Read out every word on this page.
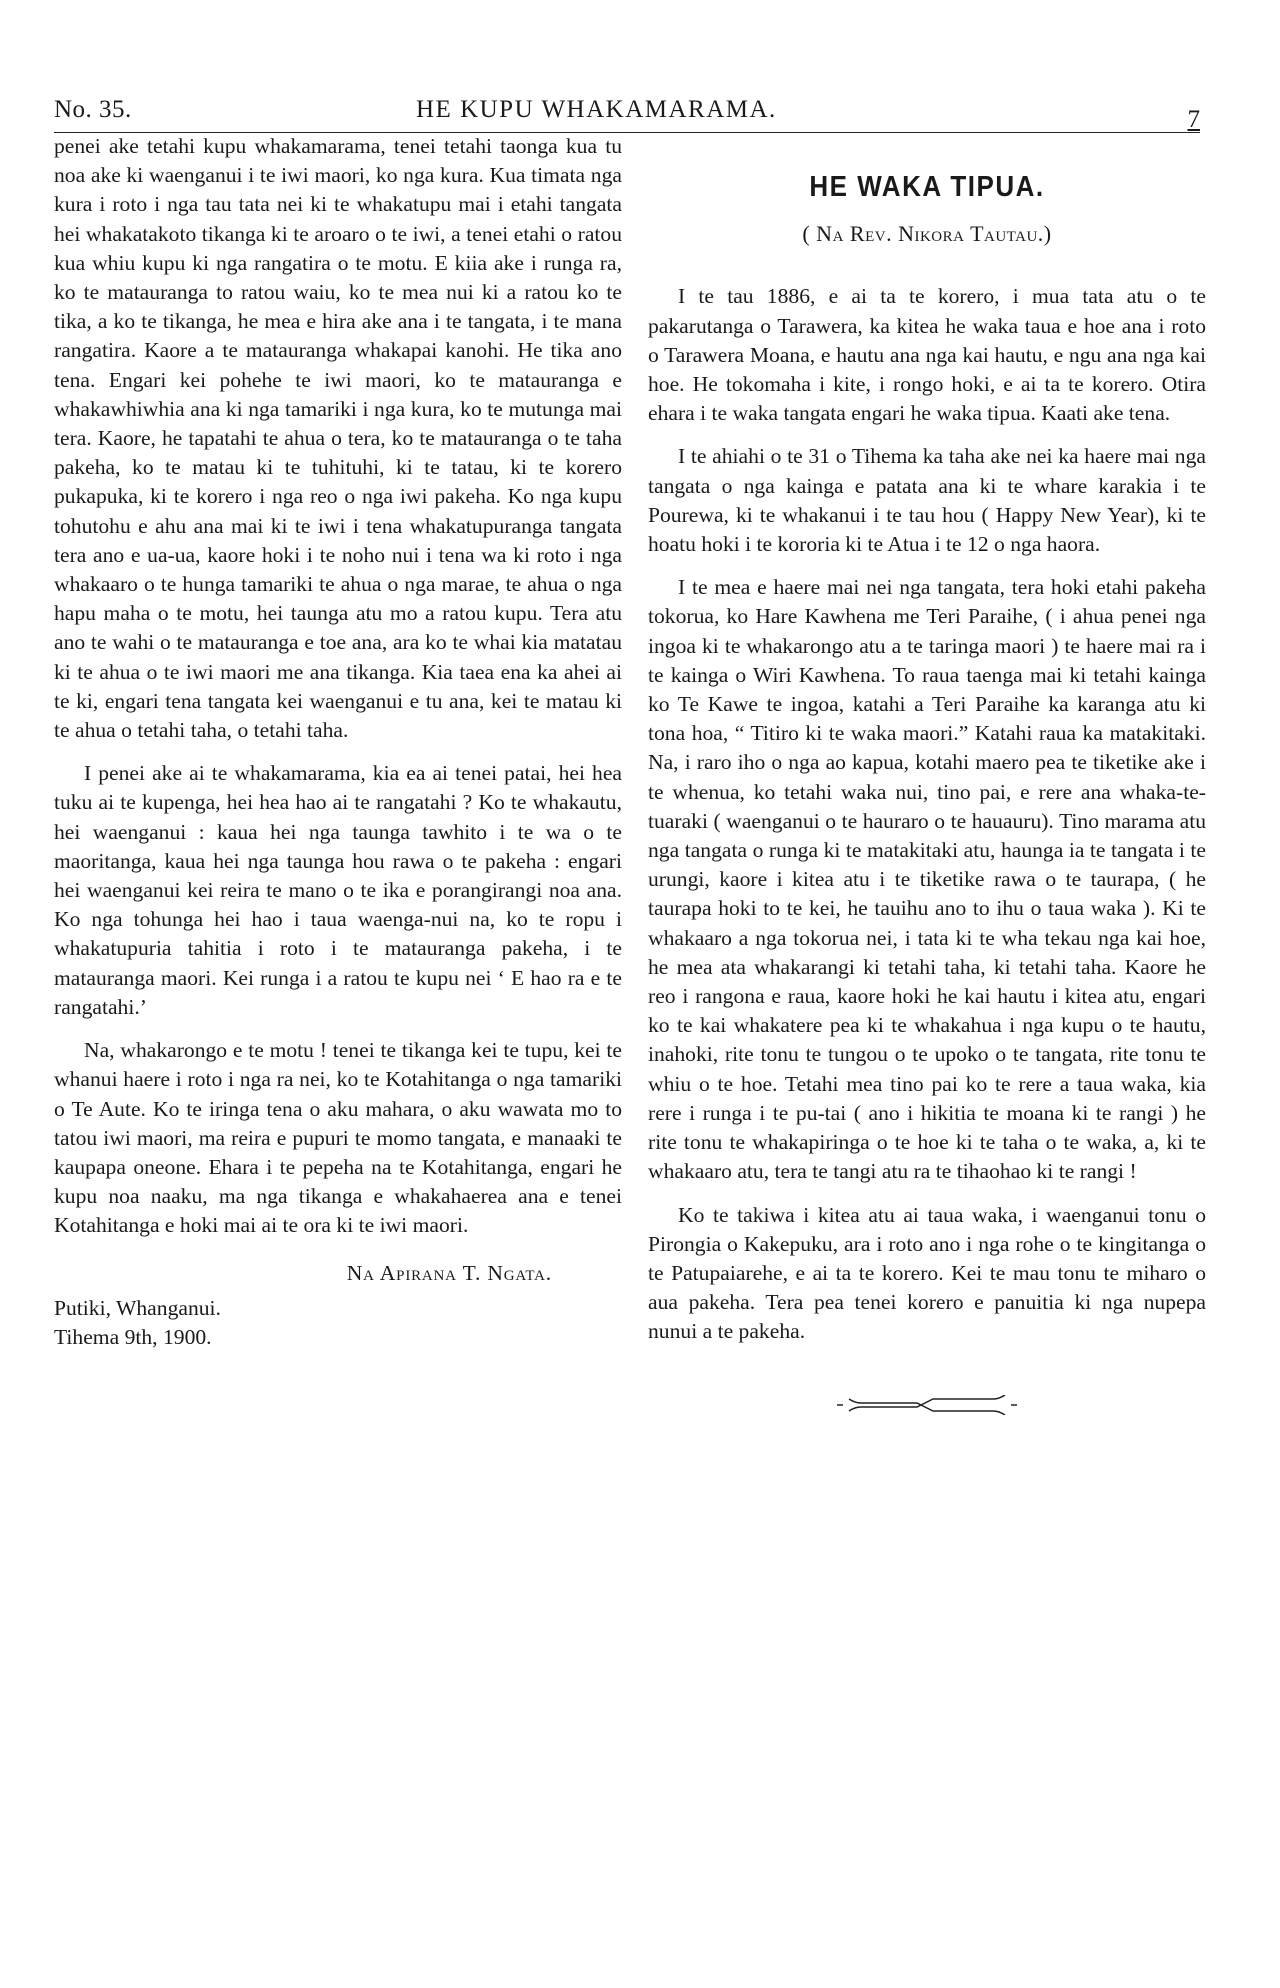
No. 35.	HE KUPU WHAKAMARAMA.	7

penei ake tetahi kupu whakamarama, tenei tetahi taonga kua tu noa ake ki waenganui i te iwi maori, ko nga kura. Kua timata nga kura i roto i nga tau tata nei ki te whakatupu mai i etahi tangata hei whakatakoto tikanga ki te aroaro o te iwi, a tenei etahi o ratou kua whiu kupu ki nga rangatira o te motu. E kiia ake i runga ra, ko te matauranga to ratou waiu, ko te mea nui ki a ratou ko te tika, a ko te tikanga, he mea e hira ake ana i te tangata, i te mana rangatira. Kaore a te matauranga whakapai kanohi. He tika ano tena. Engari kei pohehe te iwi maori, ko te matauranga e whakawhiwhia ana ki nga tamariki i nga kura, ko te mutunga mai tera. Kaore, he tapatahi te ahua o tera, ko te matauranga o te taha pakeha, ko te matau ki te tuhituhi, ki te tatau, ki te korero pukapuka, ki te korero i nga reo o nga iwi pakeha. Ko nga kupu tohutohu e ahu ana mai ki te iwi i tena whakatupuranga tangata tera ano e ua-ua, kaore hoki i te noho nui i tena wa ki roto i nga whakaaro o te hunga tamariki te ahua o nga marae, te ahua o nga hapu maha o te motu, hei taunga atu mo a ratou kupu. Tera atu ano te wahi o te matauranga e toe ana, ara ko te whai kia matatau ki te ahua o te iwi maori me ana tikanga. Kia taea ena ka ahei ai te ki, engari tena tangata kei waenganui e tu ana, kei te matau ki te ahua o tetahi taha, o tetahi taha.

I penei ake ai te whakamarama, kia ea ai tenei patai, hei hea tuku ai te kupenga, hei hea hao ai te rangatahi ? Ko te whakautu, hei waenganui : kaua hei nga taunga tawhito i te wa o te maoritanga, kaua hei nga taunga hou rawa o te pakeha : engari hei waenganui kei reira te mano o te ika e porangirangi noa ana. Ko nga tohunga hei hao i taua waenga-nui na, ko te ropu i whakatupuria tahitia i roto i te matauranga pakeha, i te matauranga maori. Kei runga i a ratou te kupu nei ‘ E hao ra e te rangatahi.’

Na, whakarongo e te motu ! tenei te tikanga kei te tupu, kei te whanui haere i roto i nga ra nei, ko te Kotahitanga o nga tamariki o Te Aute. Ko te iringa tena o aku mahara, o aku wawata mo to tatou iwi maori, ma reira e pupuri te momo tangata, e manaaki te kaupapa oneone. Ehara i te pepeha na te Kotahitanga, engari he kupu noa naaku, ma nga tikanga e whakahaerea ana e tenei Kotahitanga e hoki mai ai te ora ki te iwi maori.

Na Apirana T. Ngata.

Putiki, Whanganui.

Tihema 9th, 1900.

HE WAKA TIPUA.
( Na Rev. Nikora Tautau.)

I te tau 1886, e ai ta te korero, i mua tata atu o te pakarutanga o Tarawera, ka kitea he waka taua e hoe ana i roto o Tarawera Moana, e hautu ana nga kai hautu, e ngu ana nga kai hoe. He tokomaha i kite, i rongo hoki, e ai ta te korero. Otira ehara i te waka tangata engari he waka tipua. Kaati ake tena.

I te ahiahi o te 31 o Tihema ka taha ake nei ka haere mai nga tangata o nga kainga e patata ana ki te whare karakia i te Pourewa, ki te whakanui i te tau hou ( Happy New Year), ki te hoatu hoki i te kororia ki te Atua i te 12 o nga haora.

I te mea e haere mai nei nga tangata, tera hoki etahi pakeha tokorua, ko Hare Kawhena me Teri Paraihe, ( i ahua penei nga ingoa ki te whakarongo atu a te taringa maori ) te haere mai ra i te kainga o Wiri Kawhena. To raua taenga mai ki tetahi kainga ko Te Kawe te ingoa, katahi a Teri Paraihe ka karanga atu ki tona hoa, “ Titiro ki te waka maori.” Katahi raua ka matakitaki. Na, i raro iho o nga ao kapua, kotahi maero pea te tiketike ake i te whenua, ko tetahi waka nui, tino pai, e rere ana whaka-te-tuaraki ( waenganui o te hauraro o te hauauru). Tino marama atu nga tangata o runga ki te matakitaki atu, haunga ia te tangata i te urungi, kaore i kitea atu i te tiketike rawa o te taurapa, ( he taurapa hoki to te kei, he tauihu ano to ihu o taua waka ). Ki te whakaaro a nga tokorua nei, i tata ki te wha tekau nga kai hoe, he mea ata whakarangi ki tetahi taha, ki tetahi taha. Kaore he reo i rangona e raua, kaore hoki he kai hautu i kitea atu, engari ko te kai whakatere pea ki te whakahua i nga kupu o te hautu, inahoki, rite tonu te tungou o te upoko o te tangata, rite tonu te whiu o te hoe. Tetahi mea tino pai ko te rere a taua waka, kia rere i runga i te pu-tai ( ano i hikitia te moana ki te rangi ) he rite tonu te whakapiringa o te hoe ki te taha o te waka, a, ki te whakaaro atu, tera te tangi atu ra te tihaohao ki te rangi !

Ko te takiwa i kitea atu ai taua waka, i waenganui tonu o Pirongia o Kakepuku, ara i roto ano i nga rohe o te kingitanga o te Patupaiarehe, e ai ta te korero. Kei te mau tonu te miharo o aua pakeha. Tera pea tenei korero e panuitia ki nga nupepa nunui a te pakeha.
